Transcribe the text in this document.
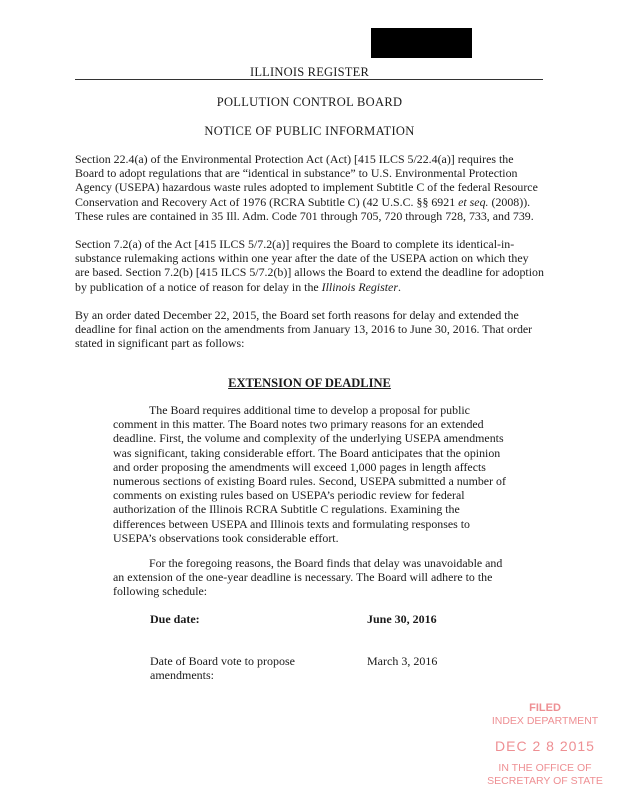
ILLINOIS REGISTER
POLLUTION CONTROL BOARD
NOTICE OF PUBLIC INFORMATION

Section 22.4(a) of the Environmental Protection Act (Act) [415 ILCS 5/22.4(a)] requires the Board to adopt regulations that are “identical in substance” to U.S. Environmental Protection Agency (USEPA) hazardous waste rules adopted to implement Subtitle C of the federal Resource Conservation and Recovery Act of 1976 (RCRA Subtitle C) (42 U.S.C. §§ 6921 et seq. (2008)). These rules are contained in 35 Ill. Adm. Code 701 through 705, 720 through 728, 733, and 739.

Section 7.2(a) of the Act [415 ILCS 5/7.2(a)] requires the Board to complete its identical-in-substance rulemaking actions within one year after the date of the USEPA action on which they are based. Section 7.2(b) [415 ILCS 5/7.2(b)] allows the Board to extend the deadline for adoption by publication of a notice of reason for delay in the Illinois Register.

By an order dated December 22, 2015, the Board set forth reasons for delay and extended the deadline for final action on the amendments from January 13, 2016 to June 30, 2016. That order stated in significant part as follows:

EXTENSION OF DEADLINE

The Board requires additional time to develop a proposal for public comment in this matter. The Board notes two primary reasons for an extended deadline. First, the volume and complexity of the underlying USEPA amendments was significant, taking considerable effort. The Board anticipates that the opinion and order proposing the amendments will exceed 1,000 pages in length affects numerous sections of existing Board rules. Second, USEPA submitted a number of comments on existing rules based on USEPA’s periodic review for federal authorization of the Illinois RCRA Subtitle C regulations. Examining the differences between USEPA and Illinois texts and formulating responses to USEPA’s observations took considerable effort.

For the foregoing reasons, the Board finds that delay was unavoidable and an extension of the one-year deadline is necessary. The Board will adhere to the following schedule:

Due date:	June 30, 2016
Date of Board vote to propose
amendments:
March 3, 2016
FILED
INDEX DEPARTMENT
DEC 2 8 2015
IN THE OFFICE OF
SECRETARY OF STATE
